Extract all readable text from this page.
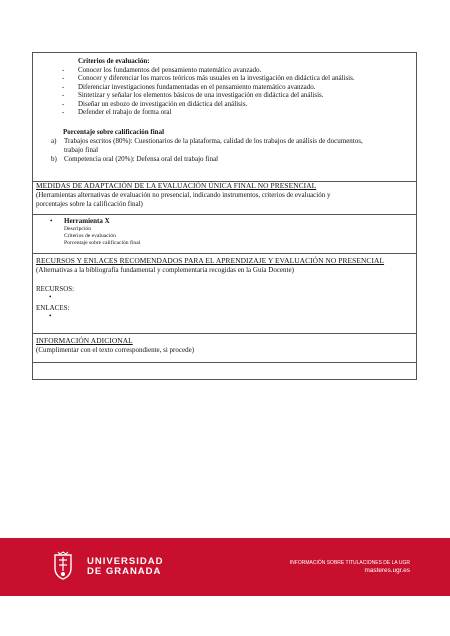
Criterios de evaluación:
- Conocer los fundamentos del pensamiento matemático avanzado.
- Conocer y diferenciar los marcos teóricos más usuales en la investigación en didáctica del análisis.
- Diferenciar investigaciones fundamentadas en el pensamiento matemático avanzado.
- Sintetizar y señalar los elementos básicos de una investigación en didáctica del análisis.
- Diseñar un esbozo de investigación en didáctica del análisis.
- Defender el trabajo de forma oral
Porcentaje sobre calificación final
a) Trabajos escritos (80%): Cuestionarios de la plataforma, calidad de los trabajos de análisis de documentos,
trabajo final
b) Competencia oral (20%): Defensa oral del trabajo final
MEDIDAS DE ADAPTACIÓN DE LA EVALUACIÓN ÚNICA FINAL NO PRESENCIAL
(Herramientas alternativas de evaluación no presencial, indicando instrumentos, criterios de evaluación y
porcentajes sobre la calificación final)
• Herramienta X
Descripción
Criterios de evaluación
Porcentaje sobre calificación final
RECURSOS Y ENLACES RECOMENDADOS PARA EL APRENDIZAJE Y EVALUACIÓN NO PRESENCIAL
(Alternativas a la bibliografía fundamental y complementaria recogidas en la Guía Docente)
RECURSOS:
•
ENLACES:
•
INFORMACIÓN ADICIONAL
(Cumplimentar con el texto correspondiente, si procede)
UNIVERSIDAD
DE GRANADA
INFORMACIÓN SOBRE TITULACIONES DE LA UGR
masteres.ugr.es
